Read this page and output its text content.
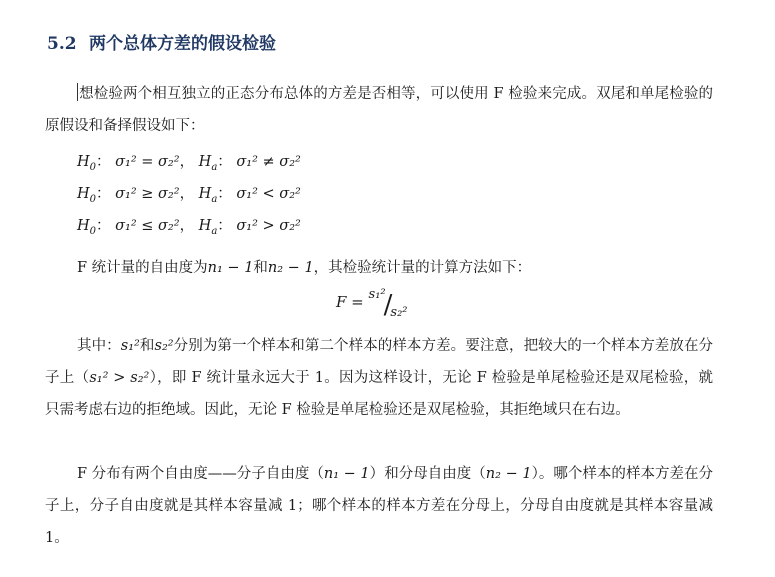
5.2 两个总体方差的假设检验

想检验两个相互独立的正态分布总体的方差是否相等，可以使用 F 检验来完成。双尾和单尾检验的原假设和备择假设如下：

H0： σ₁² = σ₂²， Ha： σ₁² ≠ σ₂²
H0： σ₁² ≥ σ₂²， Ha： σ₁² < σ₂²
H0： σ₁² ≤ σ₂²， Ha： σ₁² > σ₂²

F 统计量的自由度为n₁ − 1和n₂ − 1，其检验统计量的计算方法如下：

F = s₁²/s₂²

其中：s₁²和s₂²分别为第一个样本和第二个样本的样本方差。要注意，把较大的一个样本方差放在分子上（s₁² > s₂²），即 F 统计量永远大于 1。因为这样设计，无论 F 检验是单尾检验还是双尾检验，就只需考虑右边的拒绝域。因此，无论 F 检验是单尾检验还是双尾检验，其拒绝域只在右边。

F 分布有两个自由度——分子自由度（n₁ − 1）和分母自由度（n₂ − 1）。哪个样本的样本方差在分子上，分子自由度就是其样本容量减 1；哪个样本的样本方差在分母上，分母自由度就是其样本容量减 1。
